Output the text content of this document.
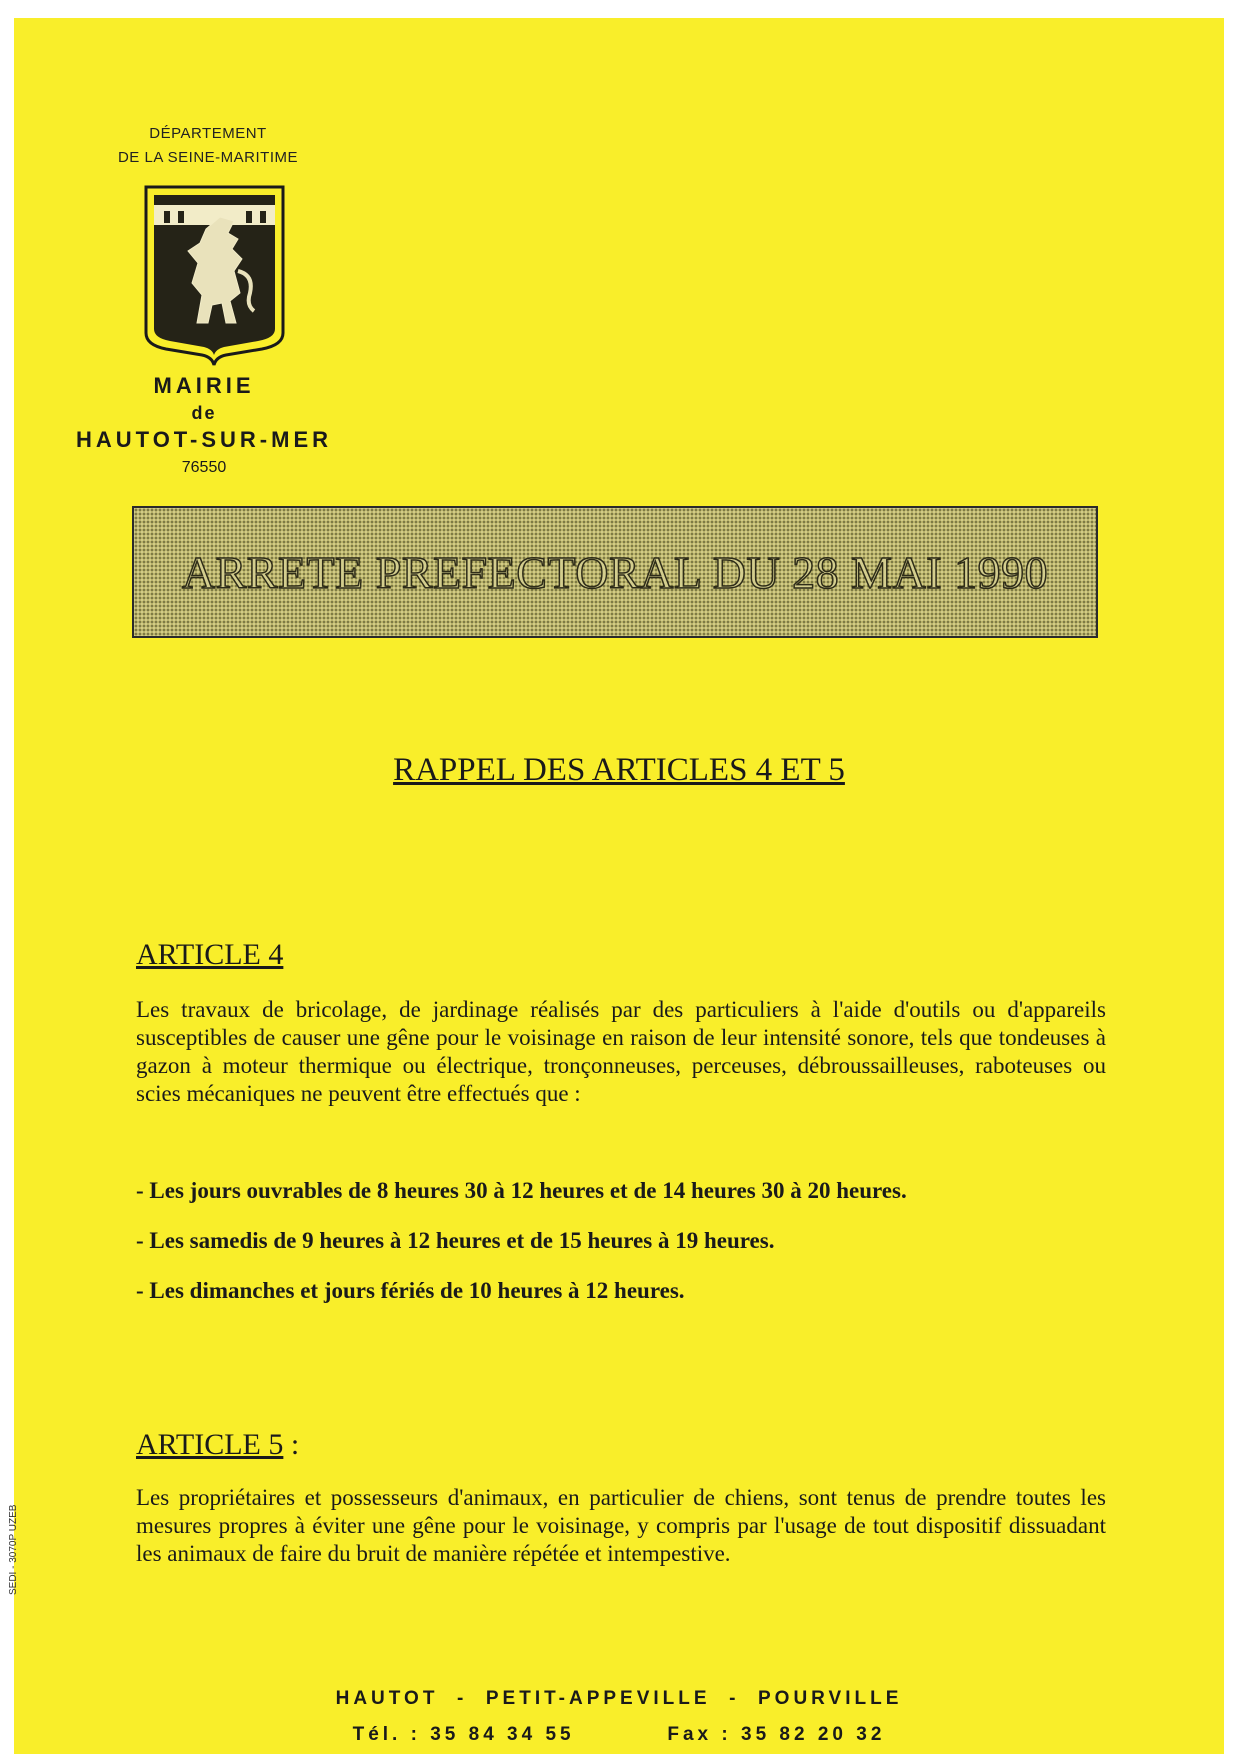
DÉPARTEMENT
DE LA SEINE-MARITIME
MAIRIE
de
HAUTOT-SUR-MER
76550
ARRETE PREFECTORAL DU 28 MAI 1990
RAPPEL DES ARTICLES 4 ET 5
ARTICLE 4
Les travaux de bricolage, de jardinage réalisés par des particuliers à l'aide d'outils ou d'appareils susceptibles de causer une gêne pour le voisinage en raison de leur intensité sonore, tels que tondeuses à gazon à moteur thermique ou électrique, tronçonneuses, perceuses, débroussailleuses, raboteuses ou scies mécaniques ne peuvent être effectués que :
- Les jours ouvrables de 8 heures 30 à 12 heures et de 14 heures 30 à 20 heures.
- Les samedis de 9 heures à 12 heures et de 15 heures à 19 heures.
- Les dimanches et jours fériés de 10 heures à 12 heures.
ARTICLE 5 :
Les propriétaires et possesseurs d'animaux, en particulier de chiens, sont tenus de prendre toutes les mesures propres à éviter une gêne pour le voisinage, y compris par l'usage de tout dispositif dissuadant les animaux de faire du bruit de manière répétée et intempestive.
HAUTOT  -  PETIT-APPEVILLE  -  POURVILLE
Tél. : 35 84 34 55          Fax : 35 82 20 32
SEDI - 3070P UZEB
